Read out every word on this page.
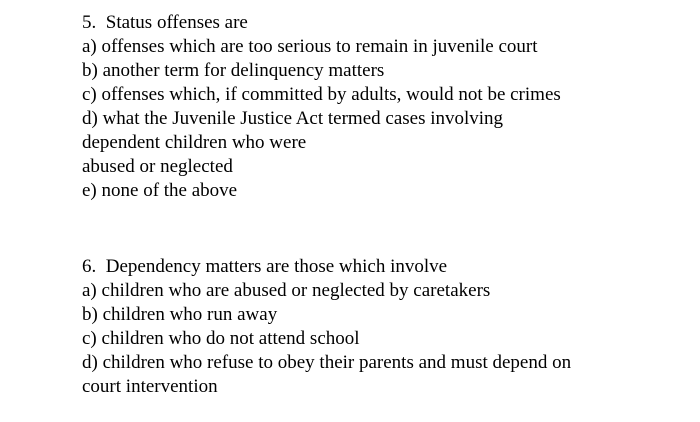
5.  Status offenses are

a) offenses which are too serious to remain in juvenile court

b) another term for delinquency matters

c) offenses which, if committed by adults, would not be crimes

d) what the Juvenile Justice Act termed cases involving

dependent children who were

abused or neglected

e) none of the above

6.  Dependency matters are those which involve

a) children who are abused or neglected by caretakers

b) children who run away

c) children who do not attend school

d) children who refuse to obey their parents and must depend on

court intervention
